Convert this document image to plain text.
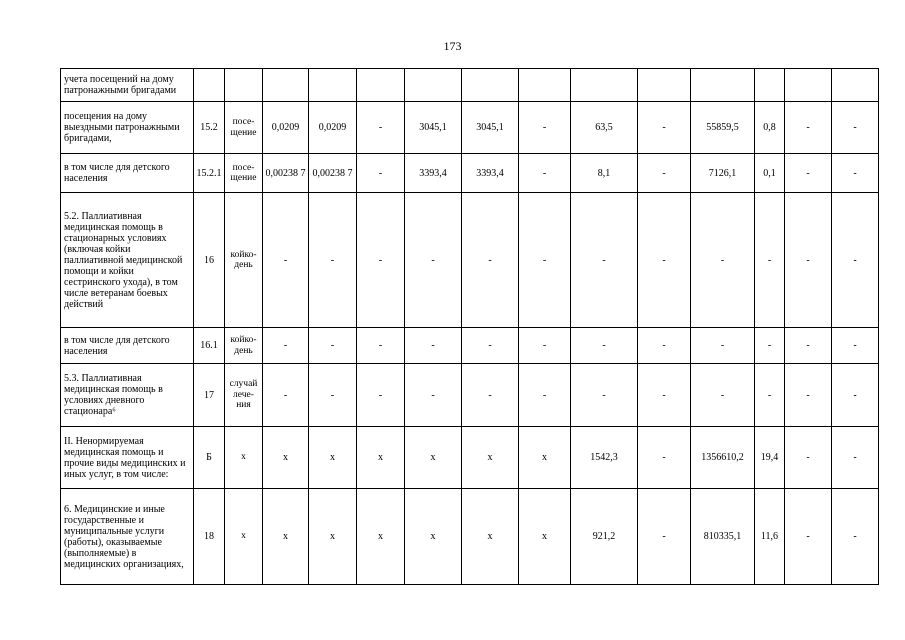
173
учета посещений на дому патронажными бригадами														
посещения на дому выездными патронажными бригадами,	15.2	посе-щение	0,0209	0,0209	-	3045,1	3045,1	-	63,5	-	55859,5	0,8	-	-
в том числе для детского населения	15.2.1	посе-щение	0,00238 7	0,00238 7	-	3393,4	3393,4	-	8,1	-	7126,1	0,1	-	-
5.2. Паллиативная медицинская помощь в стационарных условиях (включая койки паллиативной медицинской помощи и койки сестринского ухода), в том числе ветеранам боевых действий	16	койко-день	-	-	-	-	-	-	-	-	-	-	-	-
в том числе для детского населения	16.1	койко-день	-	-	-	-	-	-	-	-	-	-	-	-
5.3. Паллиативная медицинская помощь в условиях дневного стационара⁶	17	случай лече-ния	-	-	-	-	-	-	-	-	-	-	-	-
II. Ненормируемая медицинская помощь и прочие виды медицинских и иных услуг, в том числе:	Б	х	х	х	х	х	х	х	1542,3	-	1356610,2	19,4	-	-
6. Медицинские и иные государственные и муниципальные услуги (работы), оказываемые (выполняемые) в медицинских организациях,	18	х	х	х	х	х	х	х	921,2	-	810335,1	11,6	-	-
